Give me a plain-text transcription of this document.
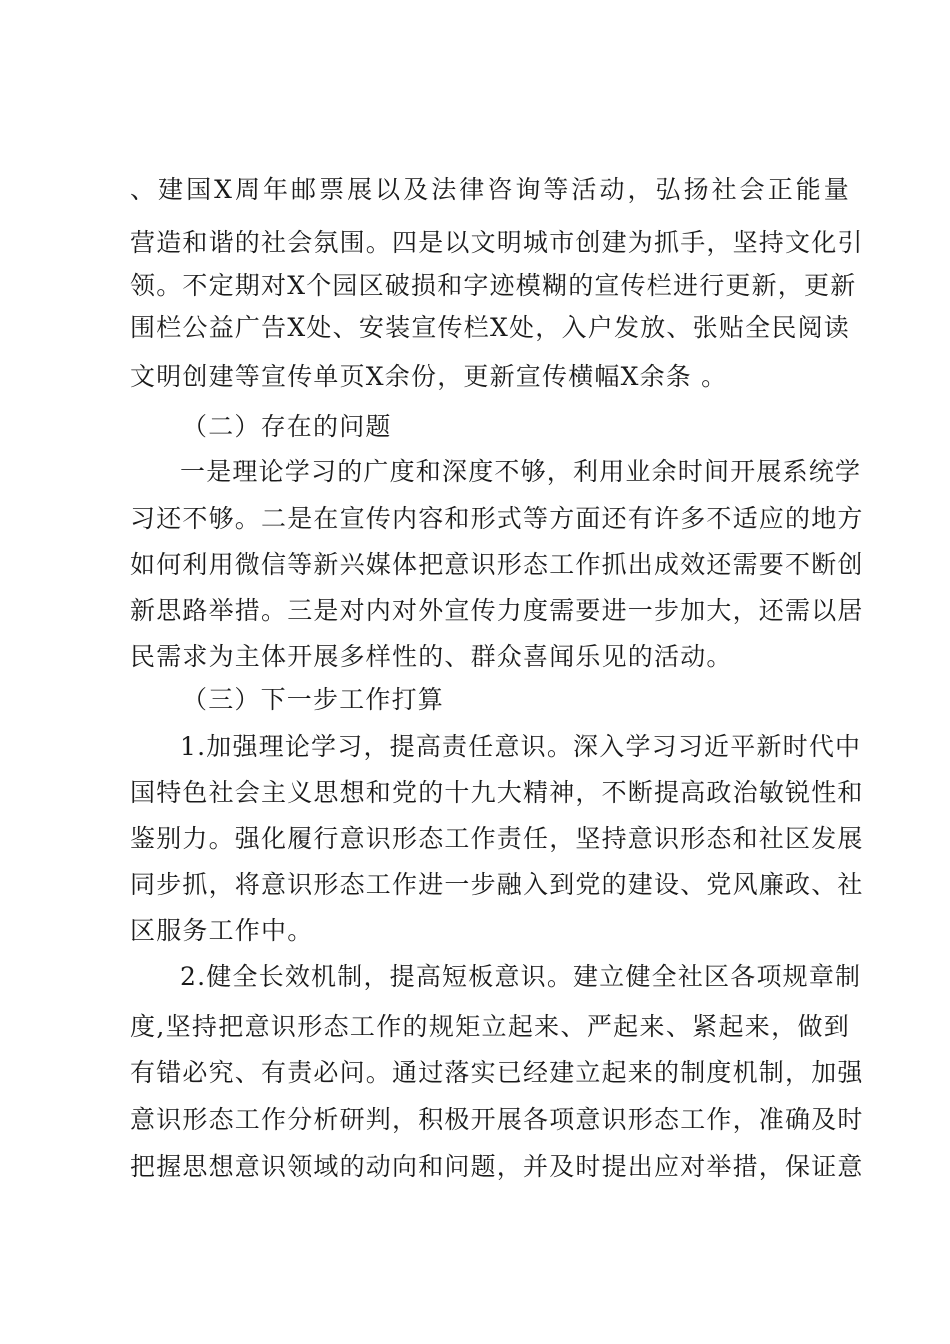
、建国X周年邮票展以及法律咨询等活动，弘扬社会正能量
营造和谐的社会氛围。四是以文明城市创建为抓手，坚持文化引
领。不定期对X个园区破损和字迹模糊的宣传栏进行更新，更新
围栏公益广告X处、安装宣传栏X处，入户发放、张贴全民阅读
文明创建等宣传单页X余份，更新宣传横幅X余条 。
（二）存在的问题
一是理论学习的广度和深度不够，利用业余时间开展系统学
习还不够。二是在宣传内容和形式等方面还有许多不适应的地方
如何利用微信等新兴媒体把意识形态工作抓出成效还需要不断创
新思路举措。三是对内对外宣传力度需要进一步加大，还需以居
民需求为主体开展多样性的、群众喜闻乐见的活动。
（三）下一步工作打算
1.加强理论学习，提高责任意识。深入学习习近平新时代中
国特色社会主义思想和党的十九大精神，不断提高政治敏锐性和
鉴别力。强化履行意识形态工作责任，坚持意识形态和社区发展
同步抓，将意识形态工作进一步融入到党的建设、党风廉政、社
区服务工作中。
2.健全长效机制，提高短板意识。建立健全社区各项规章制
度,坚持把意识形态工作的规矩立起来、严起来、紧起来，做到
有错必究、有责必问。通过落实已经建立起来的制度机制，加强
意识形态工作分析研判，积极开展各项意识形态工作，准确及时
把握思想意识领域的动向和问题，并及时提出应对举措，保证意
